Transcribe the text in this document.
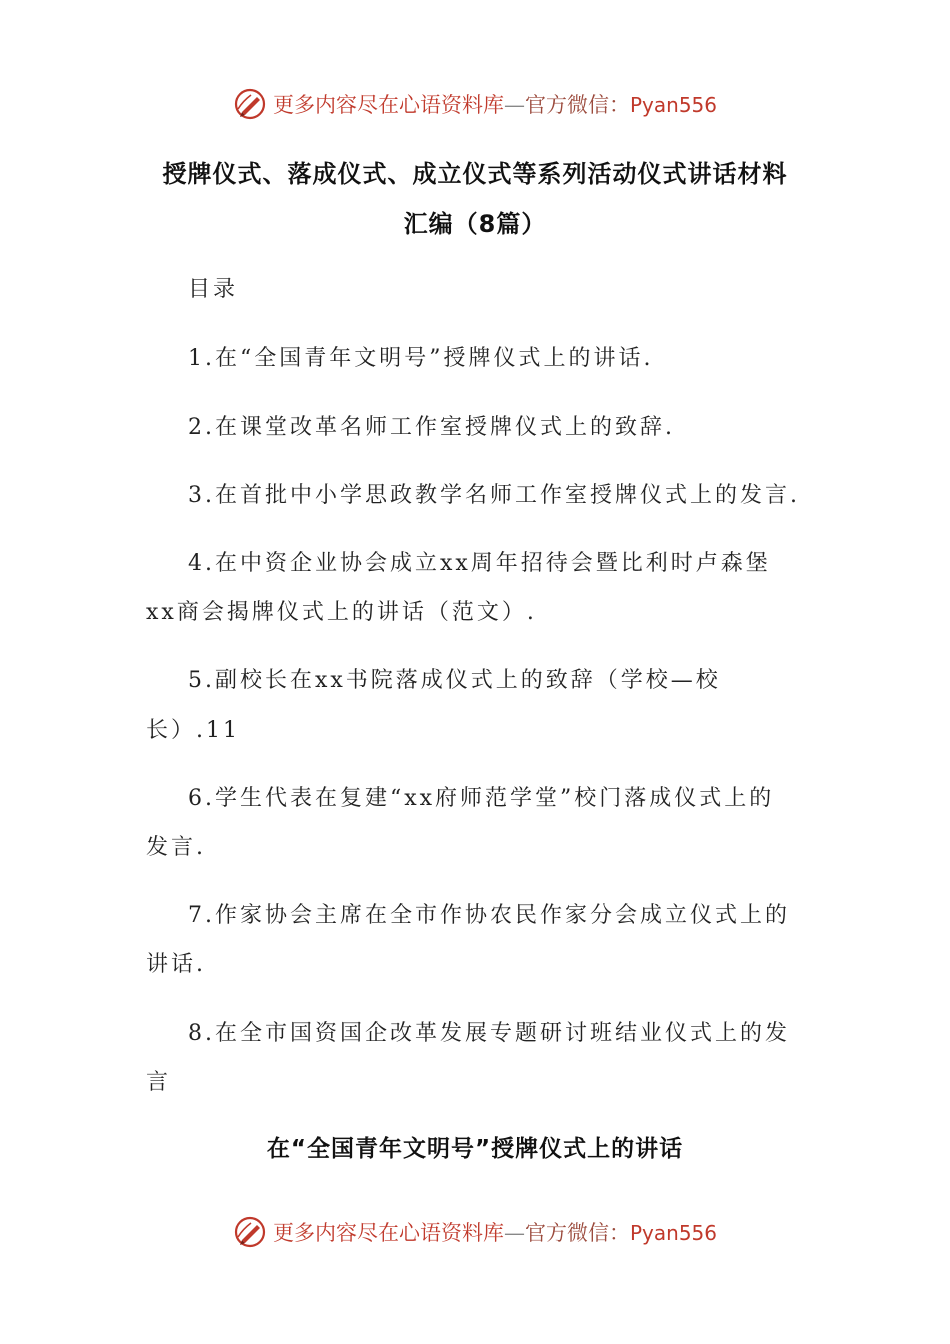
更多内容尽在心语资料库—官方微信：Pyan556
授牌仪式、落成仪式、成立仪式等系列活动仪式讲话材料
汇编（8篇）
目录
1.在“全国青年文明号”授牌仪式上的讲话.
2.在课堂改革名师工作室授牌仪式上的致辞.
3.在首批中小学思政教学名师工作室授牌仪式上的发言.
4.在中资企业协会成立xx周年招待会暨比利时卢森堡
xx商会揭牌仪式上的讲话（范文）.
5.副校长在xx书院落成仪式上的致辞（学校—校
长）.11
6.学生代表在复建“xx府师范学堂”校门落成仪式上的
发言.
7.作家协会主席在全市作协农民作家分会成立仪式上的
讲话.
8.在全市国资国企改革发展专题研讨班结业仪式上的发
言
在“全国青年文明号”授牌仪式上的讲话
更多内容尽在心语资料库—官方微信：Pyan556
